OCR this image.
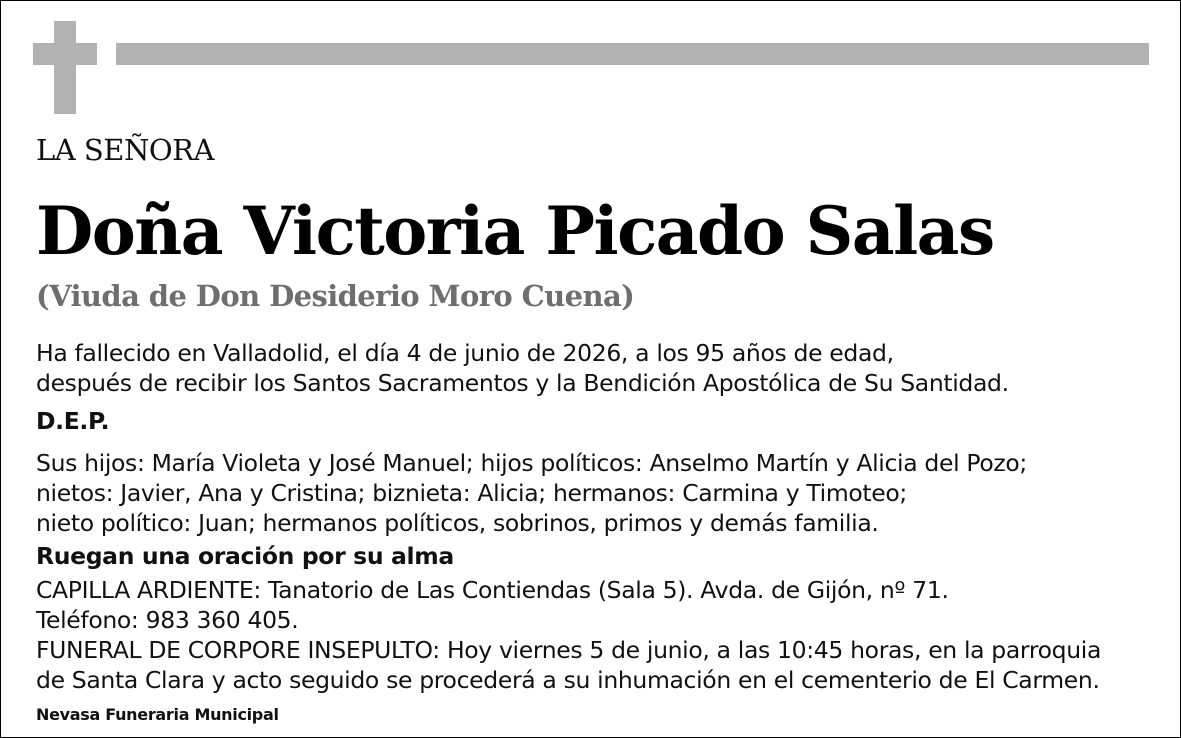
LA SEÑORA
Doña Victoria Picado Salas
(Viuda de Don Desiderio Moro Cuena)
Ha fallecido en Valladolid, el día 4 de junio de 2026, a los 95 años de edad,
después de recibir los Santos Sacramentos y la Bendición Apostólica de Su Santidad.
D.E.P.
Sus hijos: María Violeta y José Manuel; hijos políticos: Anselmo Martín y Alicia del Pozo;
nietos: Javier, Ana y Cristina; biznieta: Alicia; hermanos: Carmina y Timoteo;
nieto político: Juan; hermanos políticos, sobrinos, primos y demás familia.
Ruegan una oración por su alma
CAPILLA ARDIENTE: Tanatorio de Las Contiendas (Sala 5). Avda. de Gijón, nº 71.
Teléfono: 983 360 405.
FUNERAL DE CORPORE INSEPULTO: Hoy viernes 5 de junio, a las 10:45 horas, en la parroquia
de Santa Clara y acto seguido se procederá a su inhumación en el cementerio de El Carmen.
Nevasa Funeraria Municipal
